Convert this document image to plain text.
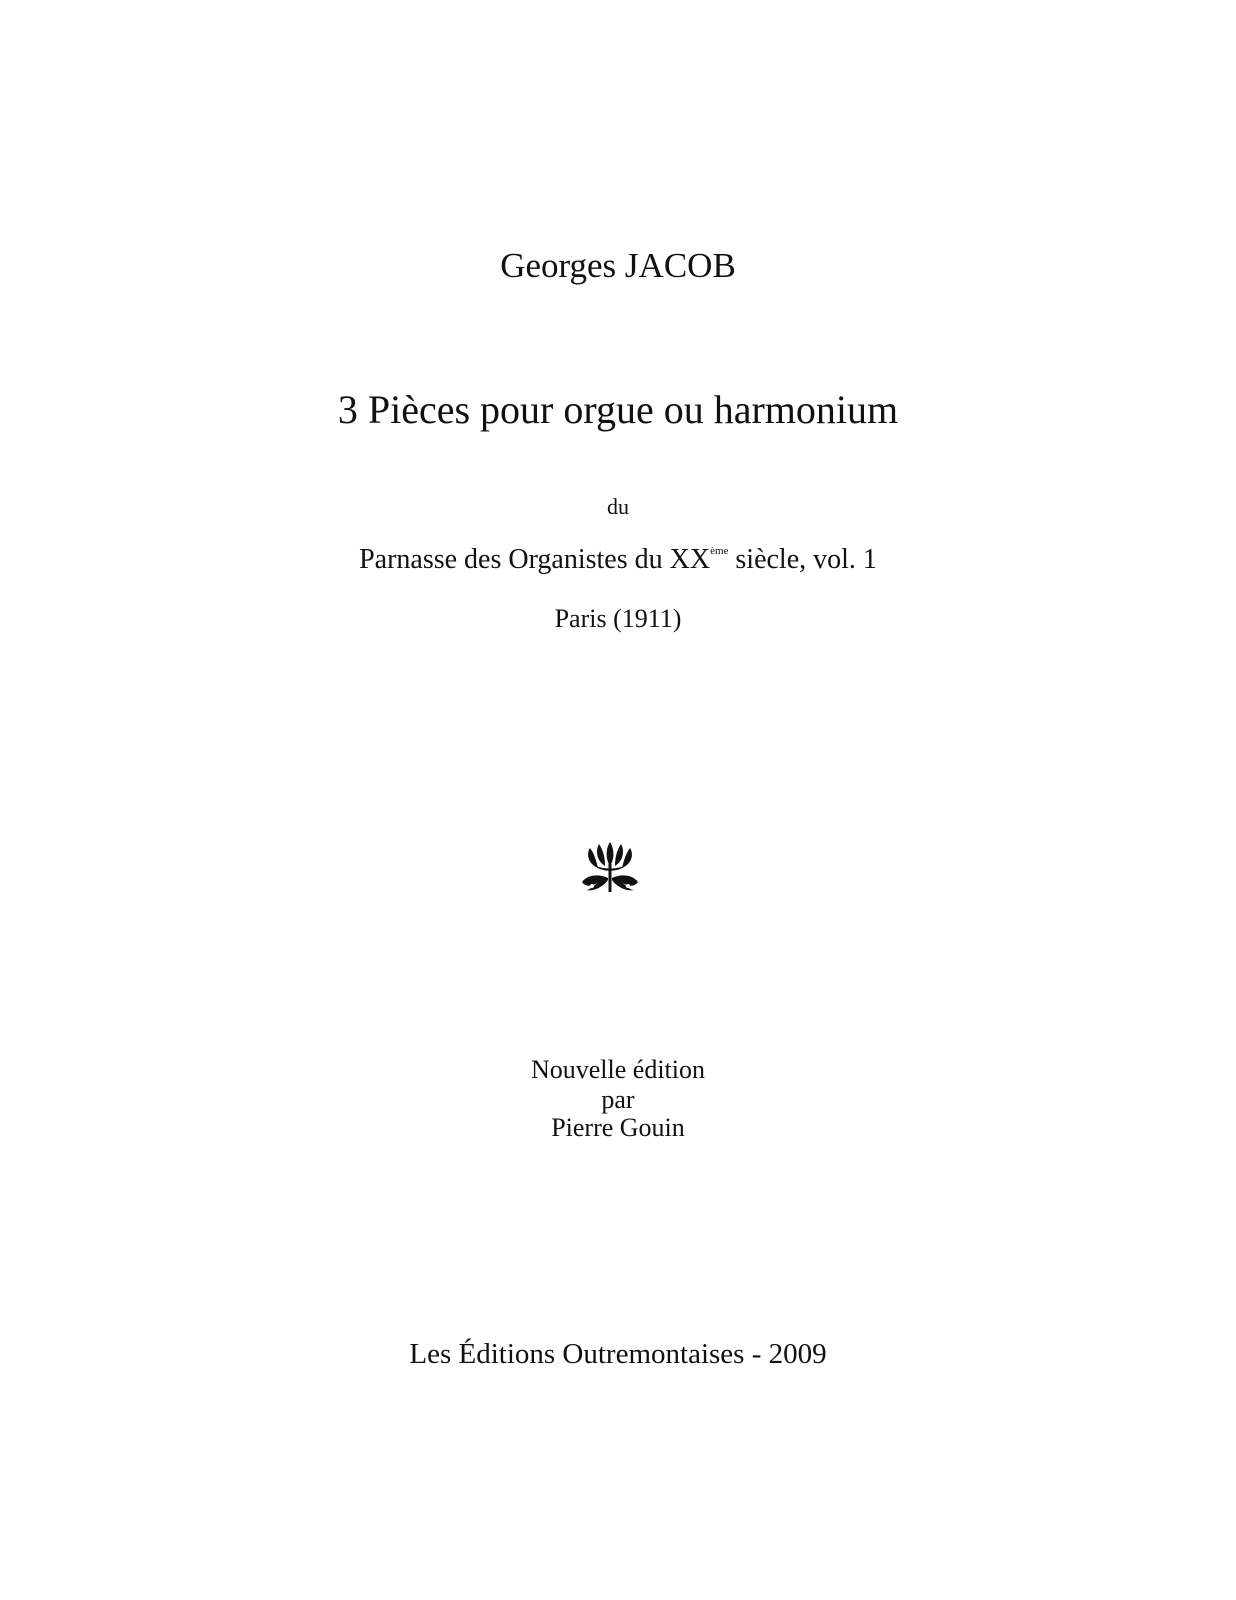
Georges JACOB
3 Pièces pour orgue ou harmonium
du
Parnasse des Organistes du XXème siècle, vol. 1
Paris (1911)
Nouvelle édition
par
Pierre Gouin
Les Éditions Outremontaises - 2009
